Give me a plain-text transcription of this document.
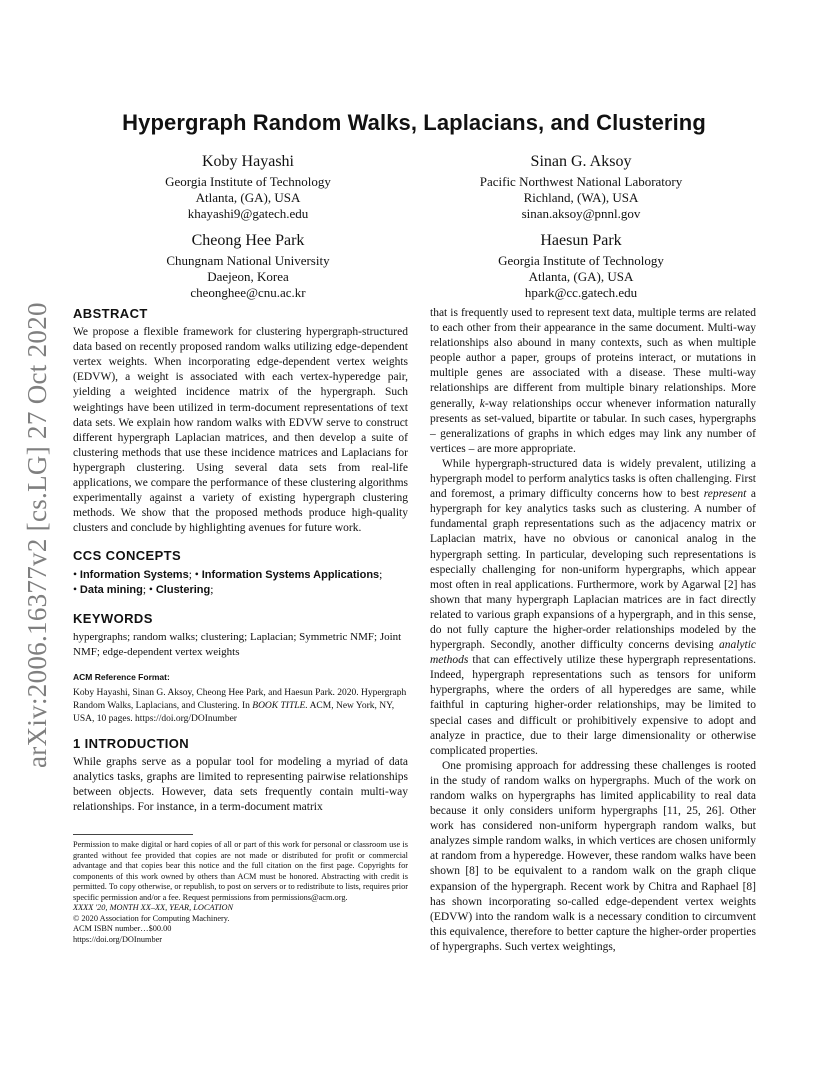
arXiv:2006.16377v2 [cs.LG] 27 Oct 2020
Hypergraph Random Walks, Laplacians, and Clustering
Koby Hayashi
Georgia Institute of Technology
Atlanta, (GA), USA
khayashi9@gatech.edu
Sinan G. Aksoy
Pacific Northwest National Laboratory
Richland, (WA), USA
sinan.aksoy@pnnl.gov
Cheong Hee Park
Chungnam National University
Daejeon, Korea
cheonghee@cnu.ac.kr
Haesun Park
Georgia Institute of Technology
Atlanta, (GA), USA
hpark@cc.gatech.edu
ABSTRACT

We propose a flexible framework for clustering hypergraph-structured data based on recently proposed random walks utilizing edge-dependent vertex weights. When incorporating edge-dependent vertex weights (EDVW), a weight is associated with each vertex-hyperedge pair, yielding a weighted incidence matrix of the hypergraph. Such weightings have been utilized in term-document representations of text data sets. We explain how random walks with EDVW serve to construct different hypergraph Laplacian matrices, and then develop a suite of clustering methods that use these incidence matrices and Laplacians for hypergraph clustering. Using several data sets from real-life applications, we compare the performance of these clustering algorithms experimentally against a variety of existing hypergraph clustering methods. We show that the proposed methods produce high-quality clusters and conclude by highlighting avenues for future work.

CCS CONCEPTS

• Information Systems; • Information Systems Applications; • Data mining; • Clustering;

KEYWORDS

hypergraphs; random walks; clustering; Laplacian; Symmetric NMF; Joint NMF; edge-dependent vertex weights

ACM Reference Format:

Koby Hayashi, Sinan G. Aksoy, Cheong Hee Park, and Haesun Park. 2020. Hypergraph Random Walks, Laplacians, and Clustering. In BOOK TITLE. ACM, New York, NY, USA, 10 pages. https://doi.org/DOInumber

1 INTRODUCTION

While graphs serve as a popular tool for modeling a myriad of data analytics tasks, graphs are limited to representing pairwise relationships between objects. However, data sets frequently contain multi-way relationships. For instance, in a term-document matrix

Permission to make digital or hard copies of all or part of this work for personal or classroom use is granted without fee provided that copies are not made or distributed for profit or commercial advantage and that copies bear this notice and the full citation on the first page. Copyrights for components of this work owned by others than ACM must be honored. Abstracting with credit is permitted. To copy otherwise, or republish, to post on servers or to redistribute to lists, requires prior specific permission and/or a fee. Request permissions from permissions@acm.org.

XXXX '20, MONTH XX–XX, YEAR, LOCATION
© 2020 Association for Computing Machinery.
ACM ISBN number…$00.00
https://doi.org/DOInumber

that is frequently used to represent text data, multiple terms are related to each other from their appearance in the same document. Multi-way relationships also abound in many contexts, such as when multiple people author a paper, groups of proteins interact, or mutations in multiple genes are associated with a disease. These multi-way relationships are different from multiple binary relationships. More generally, k-way relationships occur whenever information naturally presents as set-valued, bipartite or tabular. In such cases, hypergraphs – generalizations of graphs in which edges may link any number of vertices – are more appropriate.

While hypergraph-structured data is widely prevalent, utilizing a hypergraph model to perform analytics tasks is often challenging. First and foremost, a primary difficulty concerns how to best represent a hypergraph for key analytics tasks such as clustering. A number of fundamental graph representations such as the adjacency matrix or Laplacian matrix, have no obvious or canonical analog in the hypergraph setting. In particular, developing such representations is especially challenging for non-uniform hypergraphs, which appear most often in real applications. Furthermore, work by Agarwal [2] has shown that many hypergraph Laplacian matrices are in fact directly related to various graph expansions of a hypergraph, and in this sense, do not fully capture the higher-order relationships modeled by the hypergraph. Secondly, another difficulty concerns devising analytic methods that can effectively utilize these hypergraph representations. Indeed, hypergraph representations such as tensors for uniform hypergraphs, where the orders of all hyperedges are same, while faithful in capturing higher-order relationships, may be limited to special cases and difficult or prohibitively expensive to adopt and analyze in practice, due to their large dimensionality or otherwise complicated properties.

One promising approach for addressing these challenges is rooted in the study of random walks on hypergraphs. Much of the work on random walks on hypergraphs has limited applicability to real data because it only considers uniform hypergraphs [11, 25, 26]. Other work has considered non-uniform hypergraph random walks, but analyzes simple random walks, in which vertices are chosen uniformly at random from a hyperedge. However, these random walks have been shown [8] to be equivalent to a random walk on the graph clique expansion of the hypergraph. Recent work by Chitra and Raphael [8] has shown incorporating so-called edge-dependent vertex weights (EDVW) into the random walk is a necessary condition to circumvent this equivalence, therefore to better capture the higher-order properties of hypergraphs. Such vertex weightings,
